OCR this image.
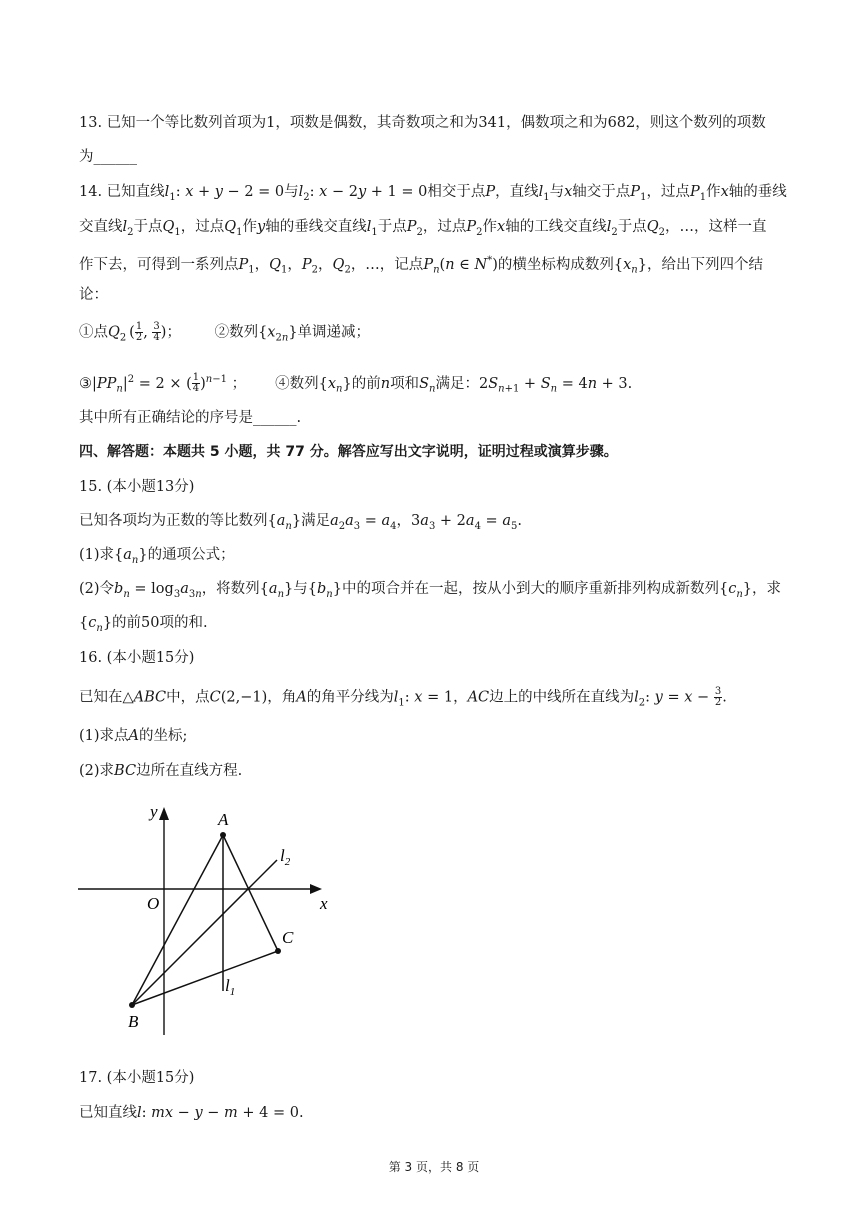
13. 已知一个等比数列首项为1，项数是偶数，其奇数项之和为341，偶数项之和为682，则这个数列的项数
为______
14. 已知直线$l_1$: x + y − 2 = 0与$l_2$: x − 2y + 1 = 0相交于点P，直线$l_1$与x轴交于点$P_1$，过点$P_1$作x轴的垂线
交直线$l_2$于点$Q_1$，过点$Q_1$作y轴的垂线交直线$l_1$于点$P_2$，过点$P_2$作x轴的工线交直线$l_2$于点$Q_2$，…，这样一直
作下去，可得到一系列点$P_1$，$Q_1$，$P_2$，$Q_2$，…，记点$P_n(n$ ∈ N*)的横坐标构成数列$\{x_n\}$，给出下列四个结
论：
①点$Q_2$ ( $\frac{1}{2}$ , $\frac{3}{4}$ )；   ②数列$\{x_{2n}\}$单调递减；
$③|PP_n|^2 = 2$ × ( $\frac{1}{4} )^{n-1}$ ；  ④数列$\{x_n\}$的前n项和$S_n$满足：$2S_{n+1} + S_n = 4n + 3$.
其中所有正确结论的序号是______.
四、解答题：本题共 5 小题，共 77 分。解答应写出文字说明，证明过程或演算步骤。
15. (本小题13分)
已知各项均为正数的等比数列$\{a_n\}$满足$a_2a_3 = a_4$，$3a_3 + 2a_4 = a_5$.
(1)求$\{a_n\}$的通项公式；
(2)令$b_n = \log_3a_{3n}$，将数列$\{a_n\}$与$\{b_n\}$中的项合并在一起，按从小到大的顺序重新排列构成新数列$\{c_n\}$，求
$\{c_n\}$的前50项的和.
16. (本小题15分)
已知在△ABC中，点C(2,−1)，角A的角平分线为$l_1$: x = 1，AC边上的中线所在直线为$l_2$: $y = x - \frac{3}{2}$ .
(1)求点A的坐标;
(2)求BC边所在直线方程.
y
x
O
A
B
C
$l_2$
$l_1$
17. (本小题15分)
已知直线l: mx − y − m + 4 = 0.
第 3 页，共 8 页
